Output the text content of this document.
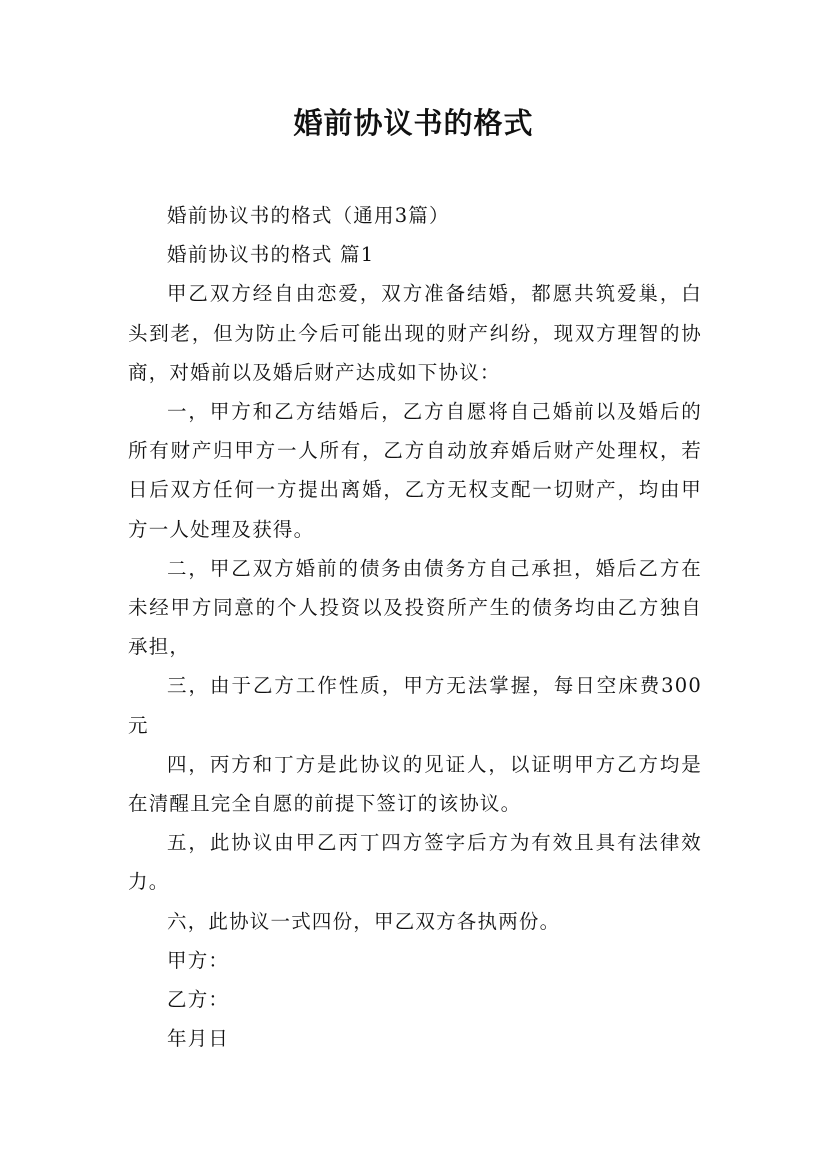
婚前协议书的格式

婚前协议书的格式（通用3篇）

婚前协议书的格式 篇1

甲乙双方经自由恋爱，双方准备结婚，都愿共筑爱巢，白头到老，但为防止今后可能出现的财产纠纷，现双方理智的协商，对婚前以及婚后财产达成如下协议：

一，甲方和乙方结婚后，乙方自愿将自己婚前以及婚后的所有财产归甲方一人所有，乙方自动放弃婚后财产处理权，若日后双方任何一方提出离婚，乙方无权支配一切财产，均由甲方一人处理及获得。

二，甲乙双方婚前的债务由债务方自己承担，婚后乙方在未经甲方同意的个人投资以及投资所产生的债务均由乙方独自承担，

三，由于乙方工作性质，甲方无法掌握，每日空床费300元

四，丙方和丁方是此协议的见证人，以证明甲方乙方均是在清醒且完全自愿的前提下签订的该协议。

五，此协议由甲乙丙丁四方签字后方为有效且具有法律效力。

六，此协议一式四份，甲乙双方各执两份。

甲方：

乙方：

年月日
